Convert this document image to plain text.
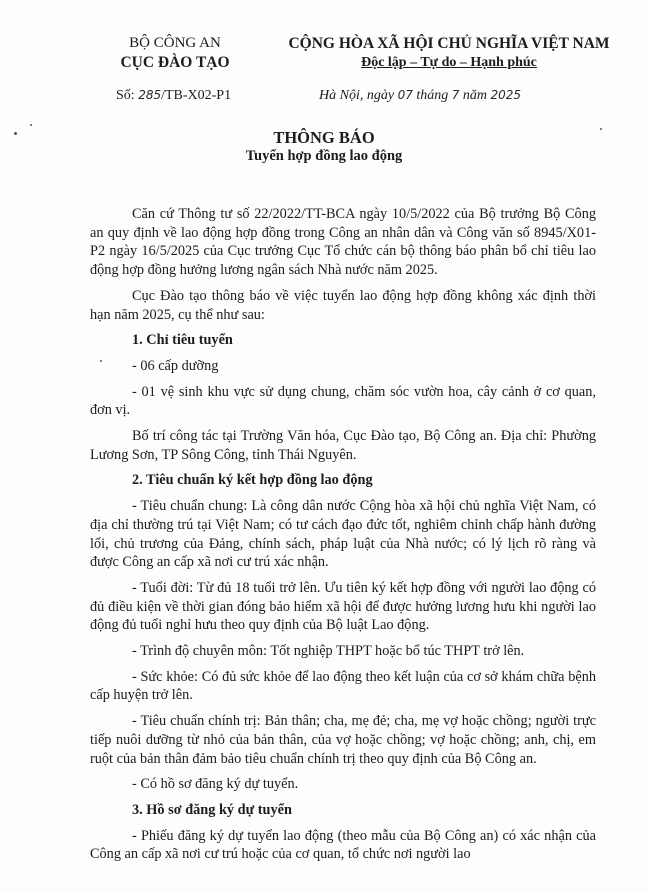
BỘ CÔNG AN
CỤC ĐÀO TẠO
CỘNG HÒA XÃ HỘI CHỦ NGHĨA VIỆT NAM
Độc lập – Tự do – Hạnh phúc
Số: 285/TB-X02-P1	Hà Nội, ngày 07 tháng 7 năm 2025
THÔNG BÁO
Tuyển hợp đồng lao động

Căn cứ Thông tư số 22/2022/TT-BCA ngày 10/5/2022 của Bộ trưởng Bộ Công an quy định về lao động hợp đồng trong Công an nhân dân và Công văn số 8945/X01-P2 ngày 16/5/2025 của Cục trưởng Cục Tổ chức cán bộ thông báo phân bổ chỉ tiêu lao động hợp đồng hưởng lương ngân sách Nhà nước năm 2025.

Cục Đào tạo thông báo về việc tuyển lao động hợp đồng không xác định thời hạn năm 2025, cụ thể như sau:

1. Chỉ tiêu tuyển

- 06 cấp dưỡng

- 01 vệ sinh khu vực sử dụng chung, chăm sóc vườn hoa, cây cảnh ở cơ quan, đơn vị.

Bố trí công tác tại Trường Văn hóa, Cục Đào tạo, Bộ Công an. Địa chỉ: Phường Lương Sơn, TP Sông Công, tỉnh Thái Nguyên.

2. Tiêu chuẩn ký kết hợp đồng lao động

- Tiêu chuẩn chung: Là công dân nước Cộng hòa xã hội chủ nghĩa Việt Nam, có địa chỉ thường trú tại Việt Nam; có tư cách đạo đức tốt, nghiêm chỉnh chấp hành đường lối, chủ trương của Đảng, chính sách, pháp luật của Nhà nước; có lý lịch rõ ràng và được Công an cấp xã nơi cư trú xác nhận.

- Tuổi đời: Từ đủ 18 tuổi trở lên. Ưu tiên ký kết hợp đồng với người lao động có đủ điều kiện về thời gian đóng bảo hiểm xã hội để được hưởng lương hưu khi người lao động đủ tuổi nghỉ hưu theo quy định của Bộ luật Lao động.

- Trình độ chuyên môn: Tốt nghiệp THPT hoặc bổ túc THPT trở lên.

- Sức khỏe: Có đủ sức khỏe để lao động theo kết luận của cơ sở khám chữa bệnh cấp huyện trở lên.

- Tiêu chuẩn chính trị: Bản thân; cha, mẹ đẻ; cha, mẹ vợ hoặc chồng; người trực tiếp nuôi dưỡng từ nhỏ của bản thân, của vợ hoặc chồng; vợ hoặc chồng; anh, chị, em ruột của bản thân đảm bảo tiêu chuẩn chính trị theo quy định của Bộ Công an.

- Có hồ sơ đăng ký dự tuyển.

3. Hồ sơ đăng ký dự tuyển

- Phiếu đăng ký dự tuyển lao động (theo mẫu của Bộ Công an) có xác nhận của Công an cấp xã nơi cư trú hoặc của cơ quan, tổ chức nơi người lao
